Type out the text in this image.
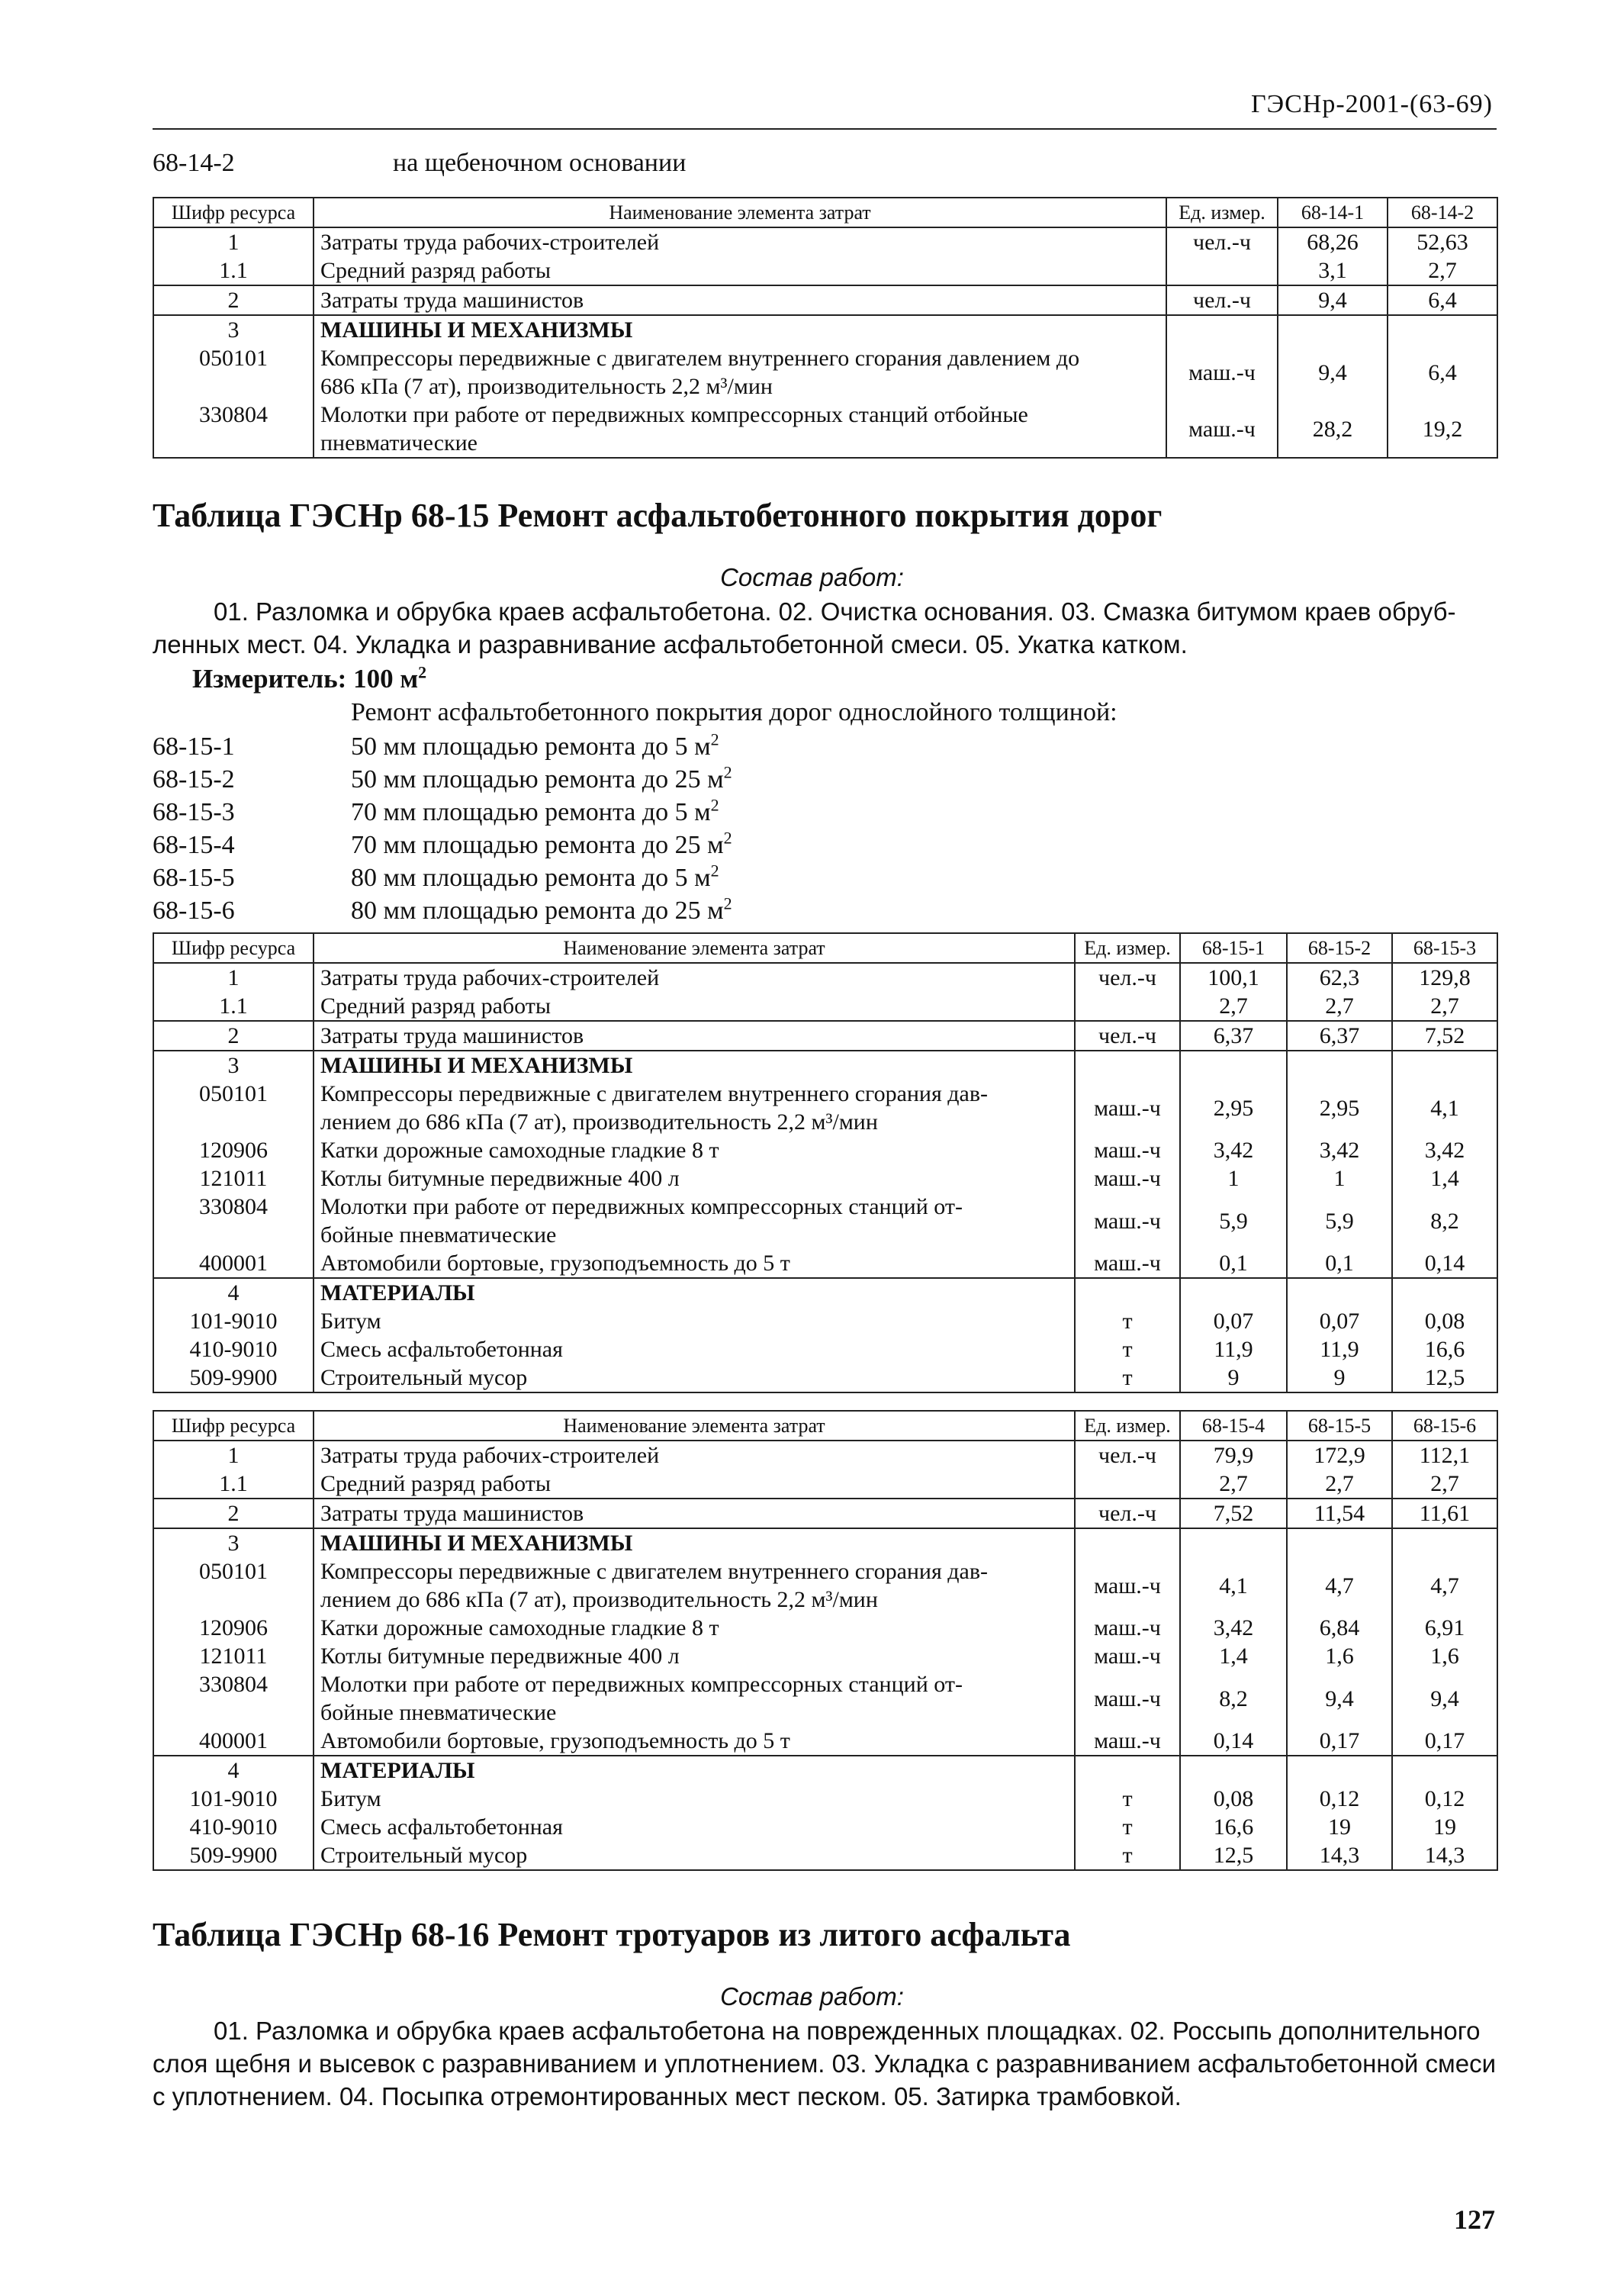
ГЭСНр-2001-(63-69)
68-14-2	на щебеночном основании
Шифр ресурса	Наименование элемента затрат	Ед. измер.	68-14-1	68-14-2
1	Затраты труда рабочих-строителей	чел.-ч	68,26	52,63
1.1	Средний разряд работы		3,1	2,7
2	Затраты труда машинистов	чел.-ч	9,4	6,4
3	МАШИНЫ И МЕХАНИЗМЫ			

050101	Компрессоры передвижные с двигателем внутреннего сгорания давлением до
686 кПа (7 ат), производительность 2,2 м³/мин	маш.-ч	9,4	6,4
330804	Молотки при работе от передвижных компрессорных станций отбойные
пневматические	маш.-ч	28,2	19,2
Таблица ГЭСНр 68-15 Ремонт асфальтобетонного покрытия дорог
Состав работ:
01. Разломка и обрубка краев асфальтобетона. 02. Очистка основания. 03. Смазка битумом краев обруб-
ленных мест. 04. Укладка и разравнивание асфальтобетонной смеси. 05. Укатка катком.
Измеритель: 100 $м^2$
Ремонт асфальтобетонного покрытия дорог однослойного толщиной:
68-15-1	50 мм площадью ремонта до 5 $м^2$
68-15-2	50 мм площадью ремонта до 25 $м^2$
68-15-3	70 мм площадью ремонта до 5 $м^2$
68-15-4	70 мм площадью ремонта до 25 $м^2$
68-15-5	80 мм площадью ремонта до 5 $м^2$
68-15-6	80 мм площадью ремонта до 25 $м^2$
Шифр ресурса	Наименование элемента затрат	Ед. измер.	68-15-1	68-15-2	68-15-3
1	Затраты труда рабочих-строителей	чел.-ч	100,1	62,3	129,8
1.1	Средний разряд работы		2,7	2,7	2,7
2	Затраты труда машинистов	чел.-ч	6,37	6,37	7,52
3	МАШИНЫ И МЕХАНИЗМЫ				

050101	Компрессоры передвижные с двигателем внутреннего сгорания дав-
лением до 686 кПа (7 ат), производительность 2,2 м³/мин	маш.-ч	2,95	2,95	4,1
120906	Катки дорожные самоходные гладкие 8 т	маш.-ч	3,42	3,42	3,42
121011	Котлы битумные передвижные 400 л	маш.-ч	1	1	1,4
330804	Молотки при работе от передвижных компрессорных станций от-
бойные пневматические	маш.-ч	5,9	5,9	8,2
400001	Автомобили бортовые, грузоподъемность до 5 т	маш.-ч	0,1	0,1	0,14
4	МАТЕРИАЛЫ				

101-9010	Битум	т	0,07	0,07	0,08
410-9010	Смесь асфальтобетонная	т	11,9	11,9	16,6
509-9900	Строительный мусор	т	9	9	12,5
Шифр ресурса	Наименование элемента затрат	Ед. измер.	68-15-4	68-15-5	68-15-6
1	Затраты труда рабочих-строителей	чел.-ч	79,9	172,9	112,1
1.1	Средний разряд работы		2,7	2,7	2,7
2	Затраты труда машинистов	чел.-ч	7,52	11,54	11,61
3	МАШИНЫ И МЕХАНИЗМЫ				

050101	Компрессоры передвижные с двигателем внутреннего сгорания дав-
лением до 686 кПа (7 ат), производительность 2,2 м³/мин	маш.-ч	4,1	4,7	4,7
120906	Катки дорожные самоходные гладкие 8 т	маш.-ч	3,42	6,84	6,91
121011	Котлы битумные передвижные 400 л	маш.-ч	1,4	1,6	1,6
330804	Молотки при работе от передвижных компрессорных станций от-
бойные пневматические	маш.-ч	8,2	9,4	9,4
400001	Автомобили бортовые, грузоподъемность до 5 т	маш.-ч	0,14	0,17	0,17
4	МАТЕРИАЛЫ				

101-9010	Битум	т	0,08	0,12	0,12
410-9010	Смесь асфальтобетонная	т	16,6	19	19
509-9900	Строительный мусор	т	12,5	14,3	14,3
Таблица ГЭСНр 68-16 Ремонт тротуаров из литого асфальта
Состав работ:
01. Разломка и обрубка краев асфальтобетона на поврежденных площадках. 02. Россыпь дополнительного
слоя щебня и высевок с разравниванием и уплотнением. 03. Укладка с разравниванием асфальтобетонной смеси
с уплотнением. 04. Посыпка отремонтированных мест песком. 05. Затирка трамбовкой.
127
